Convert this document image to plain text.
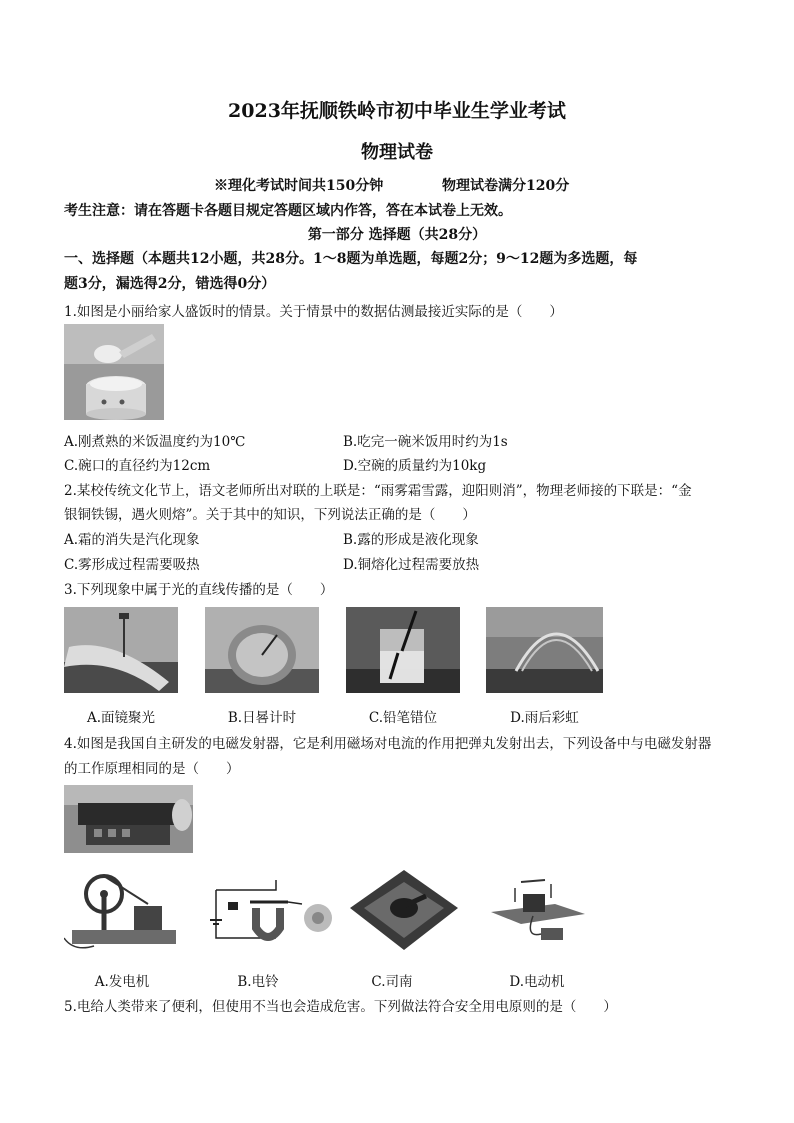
2023年抚顺铁岭市初中毕业生学业考试
物理试卷
※理化考试时间共150分钟	物理试卷满分120分
考生注意：请在答题卡各题目规定答题区域内作答，答在本试卷上无效。
第一部分 选择题（共28分）
一、选择题（本题共12小题，共28分。1～8题为单选题，每题2分；9～12题为多选题，每
题3分，漏选得2分，错选得0分）
1.如图是小丽给家人盛饭时的情景。关于情景中的数据估测最接近实际的是（　　）
A.刚煮熟的米饭温度约为10℃	B.吃完一碗米饭用时约为1s
C.碗口的直径约为12cm	D.空碗的质量约为10kg
2.某校传统文化节上，语文老师所出对联的上联是：“雨雾霜雪露，迎阳则消”，物理老师接的下联是：“金
银铜铁锡，遇火则熔”。关于其中的知识，下列说法正确的是（　　）
A.霜的消失是汽化现象	B.露的形成是液化现象
C.雾形成过程需要吸热	D.铜熔化过程需要放热
3.下列现象中属于光的直线传播的是（　　）
A.面镜聚光	B.日晷计时	C.铅笔错位	D.雨后彩虹
4.如图是我国自主研发的电磁发射器，它是利用磁场对电流的作用把弹丸发射出去，下列设备中与电磁发射器
的工作原理相同的是（　　）
A.发电机	B.电铃	C.司南	D.电动机
5.电给人类带来了便利，但使用不当也会造成危害。下列做法符合安全用电原则的是（　　）
